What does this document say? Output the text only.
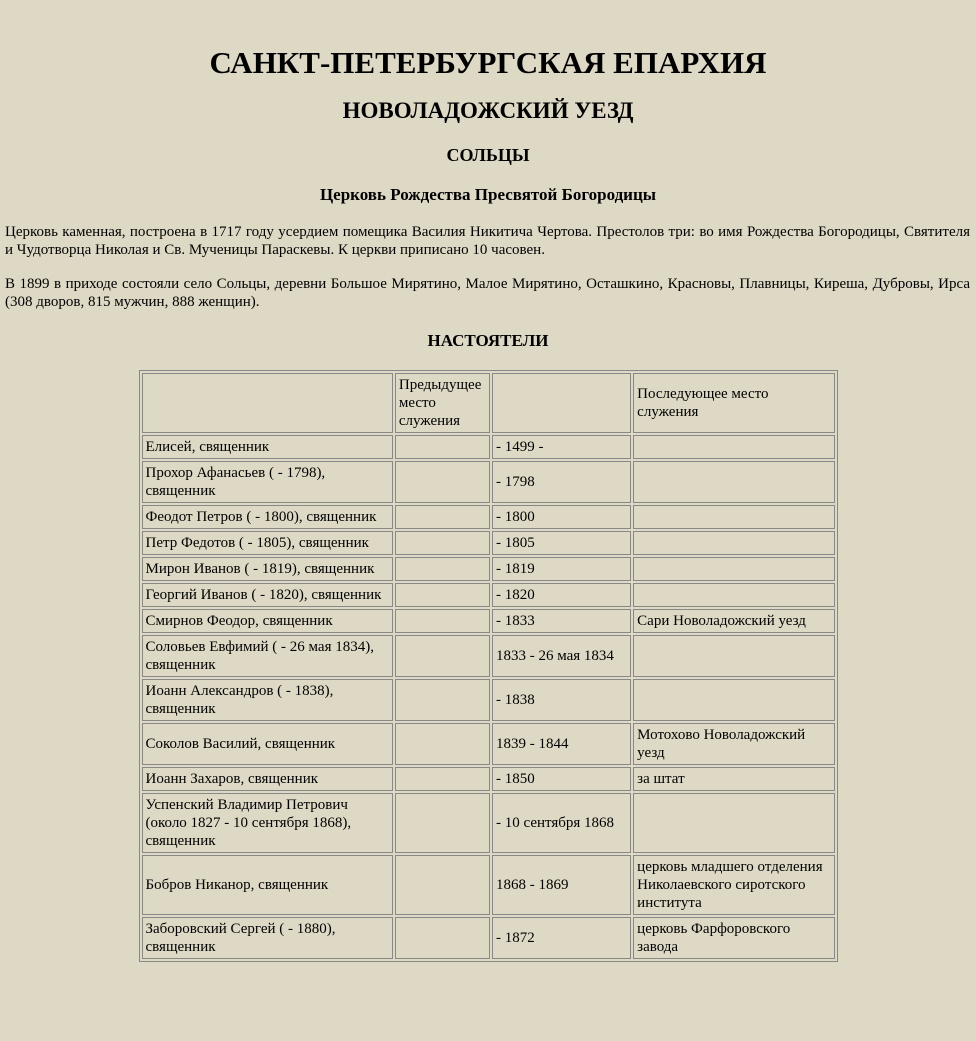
САНКТ-ПЕТЕРБУРГСКАЯ ЕПАРХИЯ
НОВОЛАДОЖСКИЙ УЕЗД
СОЛЬЦЫ
Церковь Рождества Пресвятой Богородицы

Церковь каменная, построена в 1717 году усердием помещика Василия Никитича Чертова. Престолов три: во имя Рождества Богородицы, Святителя и Чудотворца Николая и Св. Мученицы Параскевы. К церкви приписано 10 часовен.

В 1899 в приходе состояли село Сольцы, деревни Большое Мирятино, Малое Мирятино, Осташкино, Красновы, Плавницы, Киреша, Дубровы, Ирса (308 дворов, 815 мужчин, 888 женщин).

НАСТОЯТЕЛИ
	Предыдущее место служения		Последующее место служения
Елисей, священник		- 1499 -	
Прохор Афанасьев ( - 1798), священник		- 1798	
Феодот Петров ( - 1800), священник		- 1800	
Петр Федотов ( - 1805), священник		- 1805	
Мирон Иванов ( - 1819), священник		- 1819	
Георгий Иванов ( - 1820), священник		- 1820	
Смирнов Феодор, священник		- 1833	Сари Новоладожский уезд
Соловьев Евфимий ( - 26 мая 1834), священник		1833 - 26 мая 1834	
Иоанн Александров ( - 1838), священник		- 1838	
Соколов Василий, священник		1839 - 1844	Мотохово Новоладожский уезд
Иоанн Захаров, священник		- 1850	за штат
Успенский Владимир Петрович (около 1827 - 10 сентября 1868), священник		- 10 сентября 1868	
Бобров Никанор, священник		1868 - 1869	церковь младшего отделения Николаевского сиротского института
Заборовский Сергей ( - 1880), священник		- 1872	церковь Фарфоровского завода
